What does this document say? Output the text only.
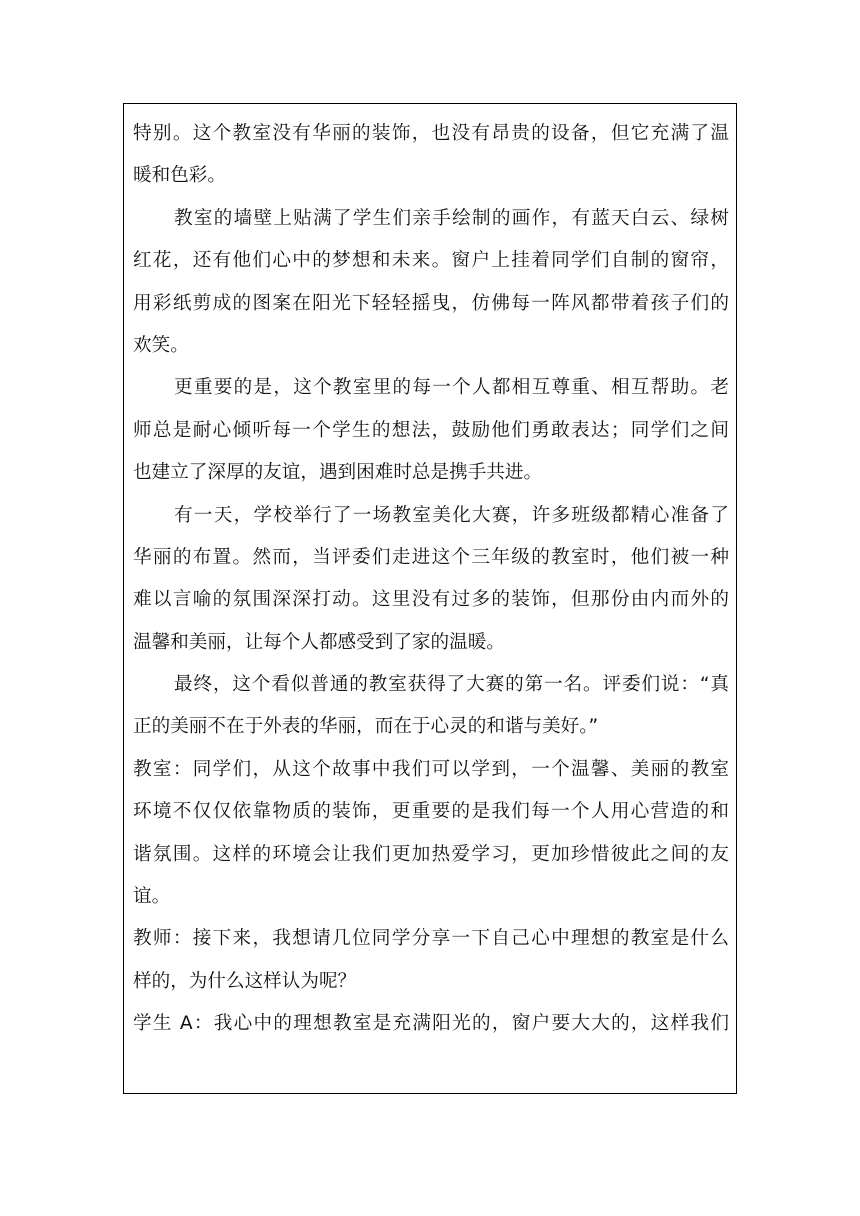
特别。这个教室没有华丽的装饰，也没有昂贵的设备，但它充满了温
暖和色彩。
教室的墙壁上贴满了学生们亲手绘制的画作，有蓝天白云、绿树
红花，还有他们心中的梦想和未来。窗户上挂着同学们自制的窗帘，
用彩纸剪成的图案在阳光下轻轻摇曳，仿佛每一阵风都带着孩子们的
欢笑。
更重要的是，这个教室里的每一个人都相互尊重、相互帮助。老
师总是耐心倾听每一个学生的想法，鼓励他们勇敢表达；同学们之间
也建立了深厚的友谊，遇到困难时总是携手共进。
有一天，学校举行了一场教室美化大赛，许多班级都精心准备了
华丽的布置。然而，当评委们走进这个三年级的教室时，他们被一种
难以言喻的氛围深深打动。这里没有过多的装饰，但那份由内而外的
温馨和美丽，让每个人都感受到了家的温暖。
最终，这个看似普通的教室获得了大赛的第一名。评委们说：“真
正的美丽不在于外表的华丽，而在于心灵的和谐与美好。”
教室：同学们，从这个故事中我们可以学到，一个温馨、美丽的教室
环境不仅仅依靠物质的装饰，更重要的是我们每一个人用心营造的和
谐氛围。这样的环境会让我们更加热爱学习，更加珍惜彼此之间的友
谊。
教师：接下来，我想请几位同学分享一下自己心中理想的教室是什么
样的，为什么这样认为呢？
学生 A：我心中的理想教室是充满阳光的，窗户要大大的，这样我们
